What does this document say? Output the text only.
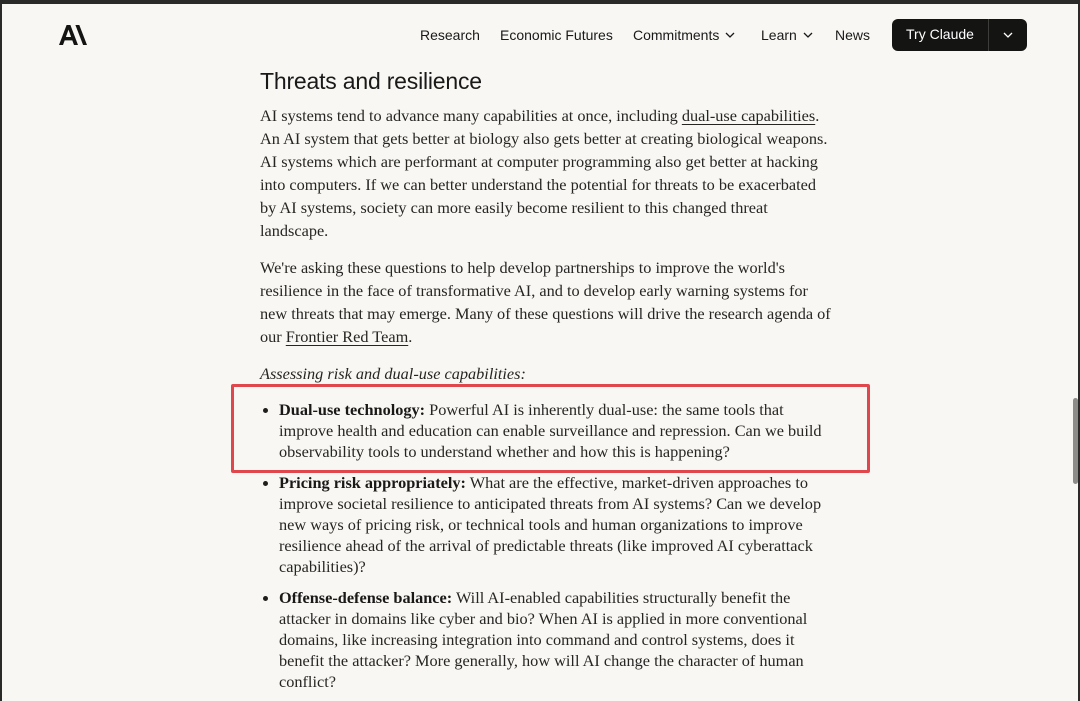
Research Economic Futures Commitments	Learn	News	Try Claude
Threats and resilience

AI systems tend to advance many capabilities at once, including dual-use capabilities. An AI system that gets better at biology also gets better at creating biological weapons. AI systems which are performant at computer programming also get better at hacking into computers. If we can better understand the potential for threats to be exacerbated by AI systems, society can more easily become resilient to this changed threat landscape.

We're asking these questions to help develop partnerships to improve the world's resilience in the face of transformative AI, and to develop early warning systems for new threats that may emerge. Many of these questions will drive the research agenda of our Frontier Red Team.

Assessing risk and dual-use capabilities:

Dual-use technology: Powerful AI is inherently dual-use: the same tools that improve health and education can enable surveillance and repression. Can we build observability tools to understand whether and how this is happening?

Pricing risk appropriately: What are the effective, market-driven approaches to improve societal resilience to anticipated threats from AI systems? Can we develop new ways of pricing risk, or technical tools and human organizations to improve resilience ahead of the arrival of predictable threats (like improved AI cyberattack capabilities)?

Offense-defense balance: Will AI-enabled capabilities structurally benefit the attacker in domains like cyber and bio? When AI is applied in more conventional domains, like increasing integration into command and control systems, does it benefit the attacker? More generally, how will AI change the character of human conflict?
